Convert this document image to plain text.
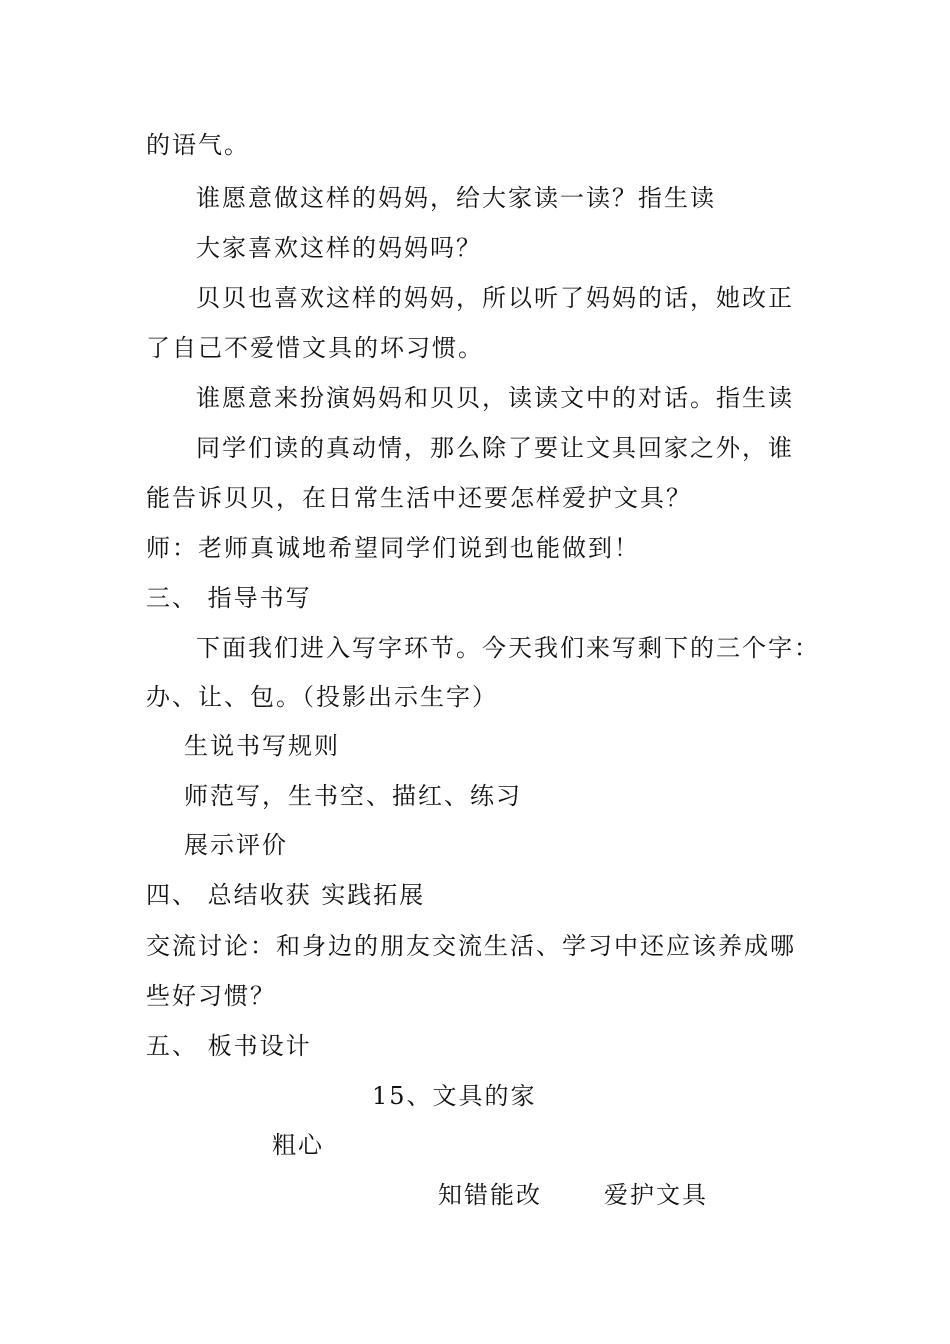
的语气。
谁愿意做这样的妈妈，给大家读一读？指生读
大家喜欢这样的妈妈吗？
贝贝也喜欢这样的妈妈，所以听了妈妈的话，她改正
了自己不爱惜文具的坏习惯。
谁愿意来扮演妈妈和贝贝，读读文中的对话。指生读
同学们读的真动情，那么除了要让文具回家之外，谁
能告诉贝贝，在日常生活中还要怎样爱护文具？
师：老师真诚地希望同学们说到也能做到！
三、 指导书写
下面我们进入写字环节。今天我们来写剩下的三个字：
办、让、包。（投影出示生字）
生说书写规则
师范写，生书空、描红、练习
展示评价
四、 总结收获 实践拓展
交流讨论：和身边的朋友交流生活、学习中还应该养成哪
些好习惯？
五、 板书设计
15、文具的家
粗心
知错能改	爱护文具
